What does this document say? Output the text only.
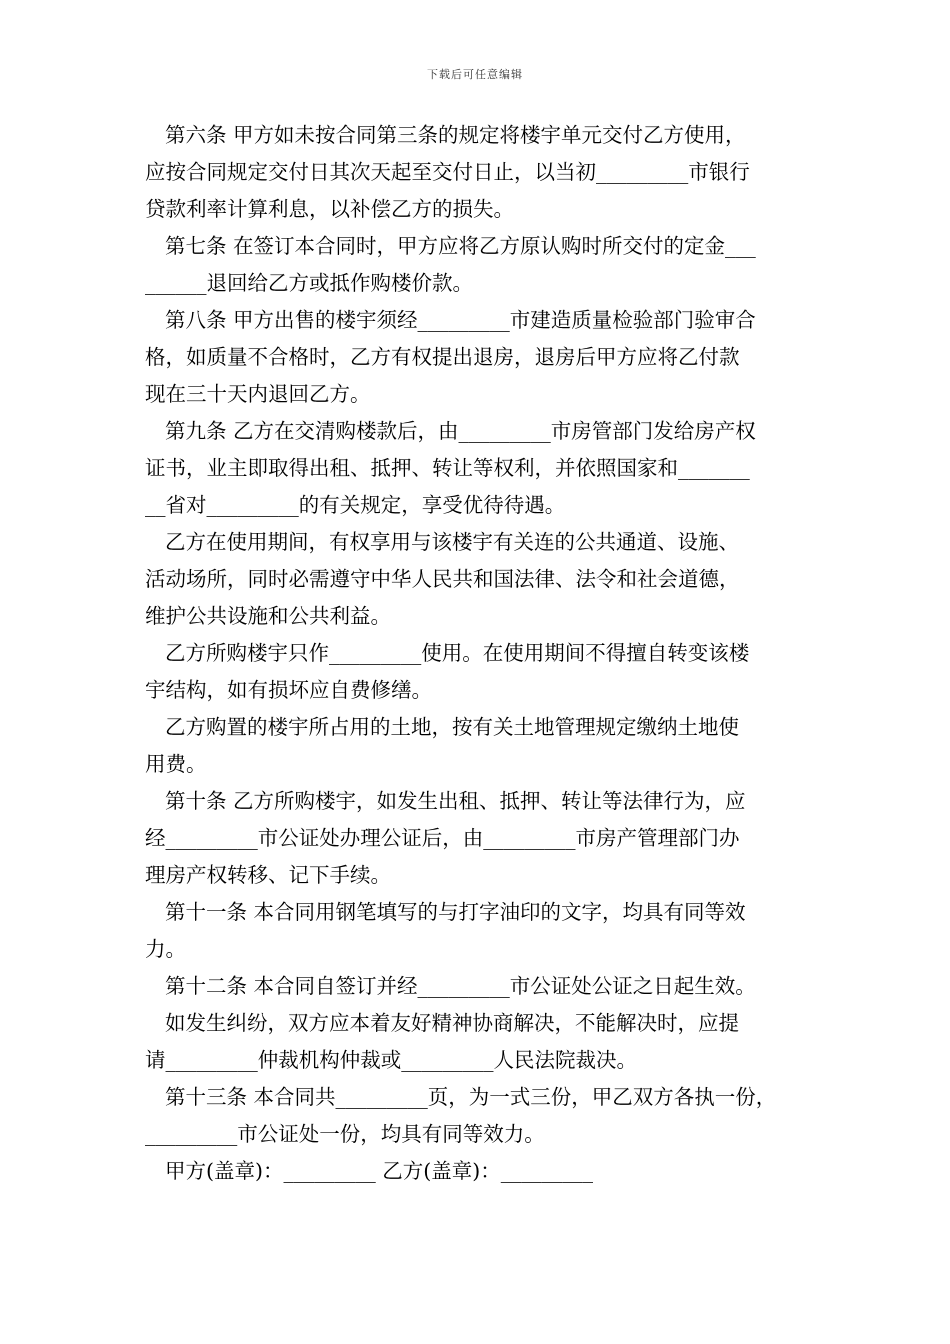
下载后可任意编辑
第六条 甲方如未按合同第三条的规定将楼宇单元交付乙方使用，
应按合同规定交付日其次天起至交付日止，以当初_________市银行
贷款利率计算利息，以补偿乙方的损失。
第七条 在签订本合同时，甲方应将乙方原认购时所交付的定金___
______退回给乙方或抵作购楼价款。
第八条 甲方出售的楼宇须经_________市建造质量检验部门验审合
格，如质量不合格时，乙方有权提出退房，退房后甲方应将乙付款
现在三十天内退回乙方。
第九条 乙方在交清购楼款后，由_________市房管部门发给房产权
证书，业主即取得出租、抵押、转让等权利，并依照国家和_______
__省对_________的有关规定，享受优待待遇。
乙方在使用期间，有权享用与该楼宇有关连的公共通道、设施、
活动场所，同时必需遵守中华人民共和国法律、法令和社会道德，
维护公共设施和公共利益。
乙方所购楼宇只作_________使用。在使用期间不得擅自转变该楼
宇结构，如有损坏应自费修缮。
乙方购置的楼宇所占用的土地，按有关土地管理规定缴纳土地使
用费。
第十条 乙方所购楼宇，如发生出租、抵押、转让等法律行为，应
经_________市公证处办理公证后，由_________市房产管理部门办
理房产权转移、记下手续。
第十一条 本合同用钢笔填写的与打字油印的文字，均具有同等效
力。
第十二条 本合同自签订并经_________市公证处公证之日起生效。
如发生纠纷，双方应本着友好精神协商解决，不能解决时，应提
请_________仲裁机构仲裁或_________人民法院裁决。
第十三条 本合同共_________页，为一式三份，甲乙双方各执一份，
_________市公证处一份，均具有同等效力。
甲方(盖章)：_________ 乙方(盖章)：_________
